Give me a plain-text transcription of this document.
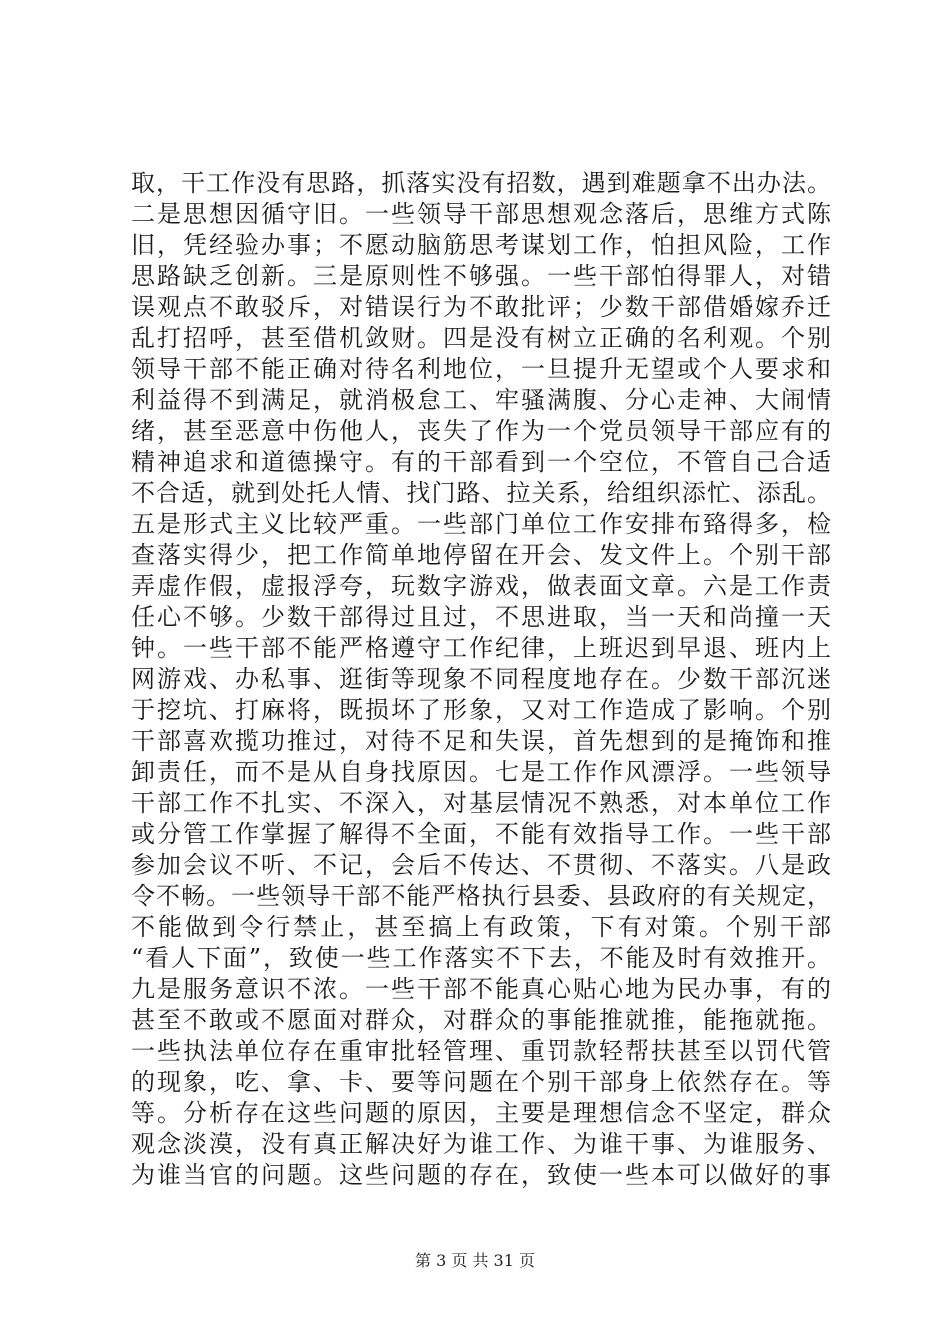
取，干工作没有思路，抓落实没有招数，遇到难题拿不出办法。
二是思想因循守旧。一些领导干部思想观念落后，思维方式陈
旧，凭经验办事；不愿动脑筋思考谋划工作，怕担风险，工作
思路缺乏创新。三是原则性不够强。一些干部怕得罪人，对错
误观点不敢驳斥，对错误行为不敢批评；少数干部借婚嫁乔迁
乱打招呼，甚至借机敛财。四是没有树立正确的名利观。个别
领导干部不能正确对待名利地位，一旦提升无望或个人要求和
利益得不到满足，就消极怠工、牢骚满腹、分心走神、大闹情
绪，甚至恶意中伤他人，丧失了作为一个党员领导干部应有的
精神追求和道德操守。有的干部看到一个空位，不管自己合适
不合适，就到处托人情、找门路、拉关系，给组织添忙、添乱。
五是形式主义比较严重。一些部门单位工作安排布臵得多，检
查落实得少，把工作简单地停留在开会、发文件上。个别干部
弄虚作假，虚报浮夸，玩数字游戏，做表面文章。六是工作责
任心不够。少数干部得过且过，不思进取，当一天和尚撞一天
钟。一些干部不能严格遵守工作纪律，上班迟到早退、班内上
网游戏、办私事、逛街等现象不同程度地存在。少数干部沉迷
于挖坑、打麻将，既损坏了形象，又对工作造成了影响。个别
干部喜欢揽功推过，对待不足和失误，首先想到的是掩饰和推
卸责任，而不是从自身找原因。七是工作作风漂浮。一些领导
干部工作不扎实、不深入，对基层情况不熟悉，对本单位工作
或分管工作掌握了解得不全面，不能有效指导工作。一些干部
参加会议不听、不记，会后不传达、不贯彻、不落实。八是政
令不畅。一些领导干部不能严格执行县委、县政府的有关规定，
不能做到令行禁止，甚至搞上有政策，下有对策。个别干部
“看人下面”，致使一些工作落实不下去，不能及时有效推开。
九是服务意识不浓。一些干部不能真心贴心地为民办事，有的
甚至不敢或不愿面对群众，对群众的事能推就推，能拖就拖。
一些执法单位存在重审批轻管理、重罚款轻帮扶甚至以罚代管
的现象，吃、拿、卡、要等问题在个别干部身上依然存在。等
等。分析存在这些问题的原因，主要是理想信念不坚定，群众
观念淡漠，没有真正解决好为谁工作、为谁干事、为谁服务、
为谁当官的问题。这些问题的存在，致使一些本可以做好的事
第 3 页 共 31 页
